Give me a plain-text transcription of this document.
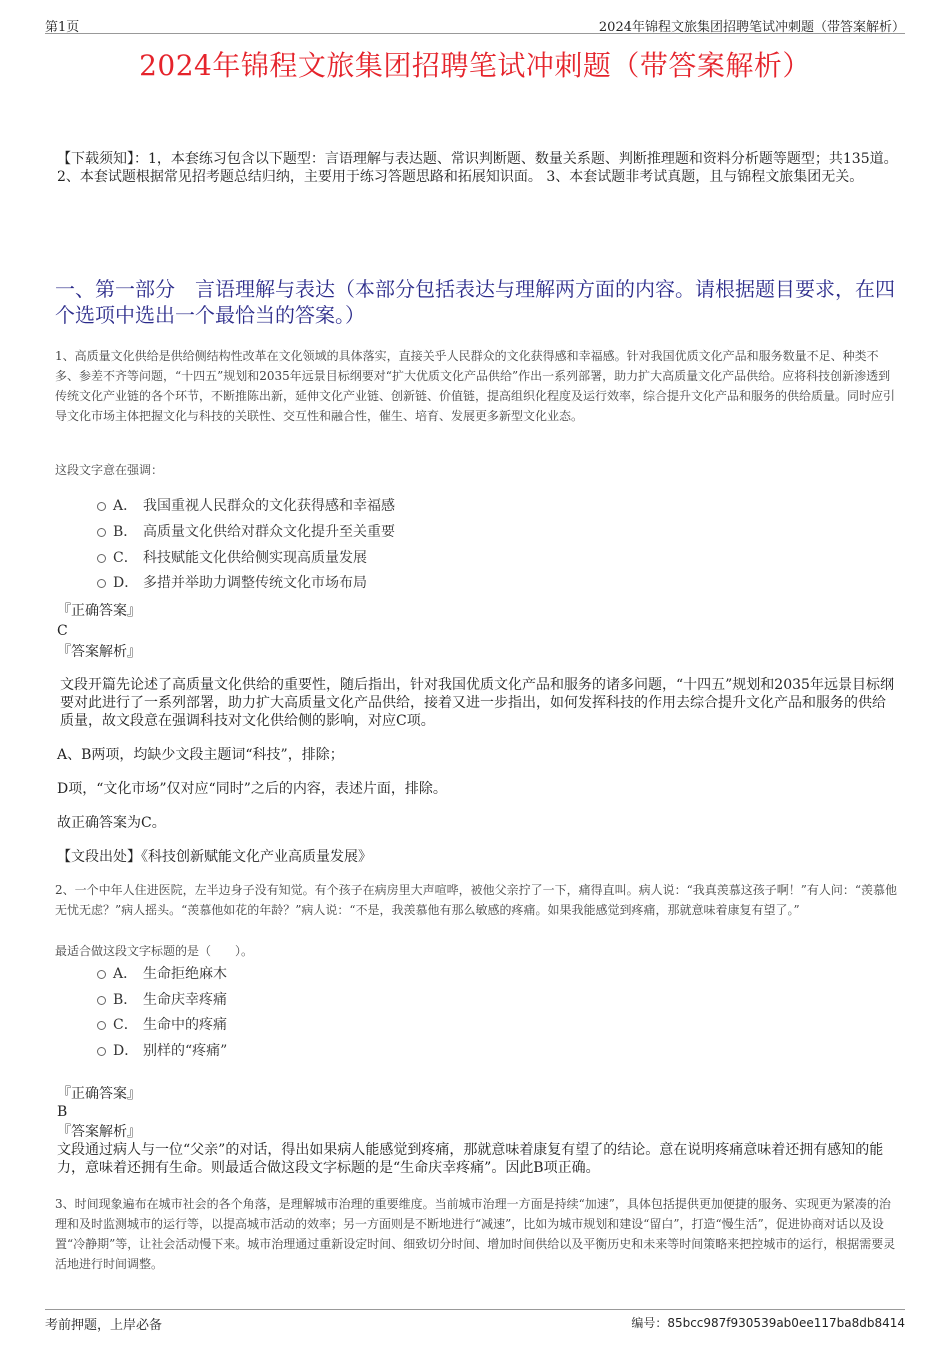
第1页	2024年锦程文旅集团招聘笔试冲刺题（带答案解析）
2024年锦程文旅集团招聘笔试冲刺题（带答案解析）
【下载须知】：1，本套练习包含以下题型：言语理解与表达题、常识判断题、数量关系题、判断推理题和资料分析题等题型；共135道。 2、本套试题根据常见招考题总结归纳，主要用于练习答题思路和拓展知识面。 3、本套试题非考试真题，且与锦程文旅集团无关。
一、第一部分　言语理解与表达（本部分包括表达与理解两方面的内容。请根据题目要求，在四个选项中选出一个最恰当的答案。）
1、高质量文化供给是供给侧结构性改革在文化领域的具体落实，直接关乎人民群众的文化获得感和幸福感。针对我国优质文化产品和服务数量不足、种类不多、参差不齐等问题，“十四五”规划和2035年远景目标纲要对“扩大优质文化产品供给”作出一系列部署，助力扩大高质量文化产品供给。应将科技创新渗透到传统文化产业链的各个环节，不断推陈出新，延伸文化产业链、创新链、价值链，提高组织化程度及运行效率，综合提升文化产品和服务的供给质量。同时应引导文化市场主体把握文化与科技的关联性、交互性和融合性，催生、培育、发展更多新型文化业态。
这段文字意在强调：
A． 我国重视人民群众的文化获得感和幸福感
B． 高质量文化供给对群众文化提升至关重要
C． 科技赋能文化供给侧实现高质量发展
D． 多措并举助力调整传统文化市场布局
『正确答案』
C
『答案解析』
文段开篇先论述了高质量文化供给的重要性，随后指出，针对我国优质文化产品和服务的诸多问题，“十四五”规划和2035年远景目标纲要对此进行了一系列部署，助力扩大高质量文化产品供给，接着又进一步指出，如何发挥科技的作用去综合提升文化产品和服务的供给质量，故文段意在强调科技对文化供给侧的影响，对应C项。
A、B两项，均缺少文段主题词“科技”，排除；
D项，“文化市场”仅对应“同时”之后的内容，表述片面，排除。
故正确答案为C。
【文段出处】《科技创新赋能文化产业高质量发展》
2、一个中年人住进医院，左半边身子没有知觉。有个孩子在病房里大声喧哗，被他父亲拧了一下，痛得直叫。病人说：“我真羡慕这孩子啊！”有人问：“羡慕他无忧无虑？”病人摇头。“羡慕他如花的年龄？”病人说：“不是，我羡慕他有那么敏感的疼痛。如果我能感觉到疼痛，那就意味着康复有望了。”
最适合做这段文字标题的是（　　）。
A． 生命拒绝麻木
B． 生命庆幸疼痛
C． 生命中的疼痛
D． 别样的“疼痛”
『正确答案』
B
『答案解析』
文段通过病人与一位“父亲”的对话，得出如果病人能感觉到疼痛，那就意味着康复有望了的结论。意在说明疼痛意味着还拥有感知的能力，意味着还拥有生命。则最适合做这段文字标题的是“生命庆幸疼痛”。因此B项正确。
3、时间现象遍布在城市社会的各个角落，是理解城市治理的重要维度。当前城市治理一方面是持续“加速”，具体包括提供更加便捷的服务、实现更为紧凑的治理和及时监测城市的运行等，以提高城市活动的效率；另一方面则是不断地进行“减速”，比如为城市规划和建设“留白”，打造“慢生活”，促进协商对话以及设置“冷静期”等，让社会活动慢下来。城市治理通过重新设定时间、细致切分时间、增加时间供给以及平衡历史和未来等时间策略来把控城市的运行，根据需要灵活地进行时间调整。
考前押题，上岸必备	编号：85bcc987f930539ab0ee117ba8db8414
